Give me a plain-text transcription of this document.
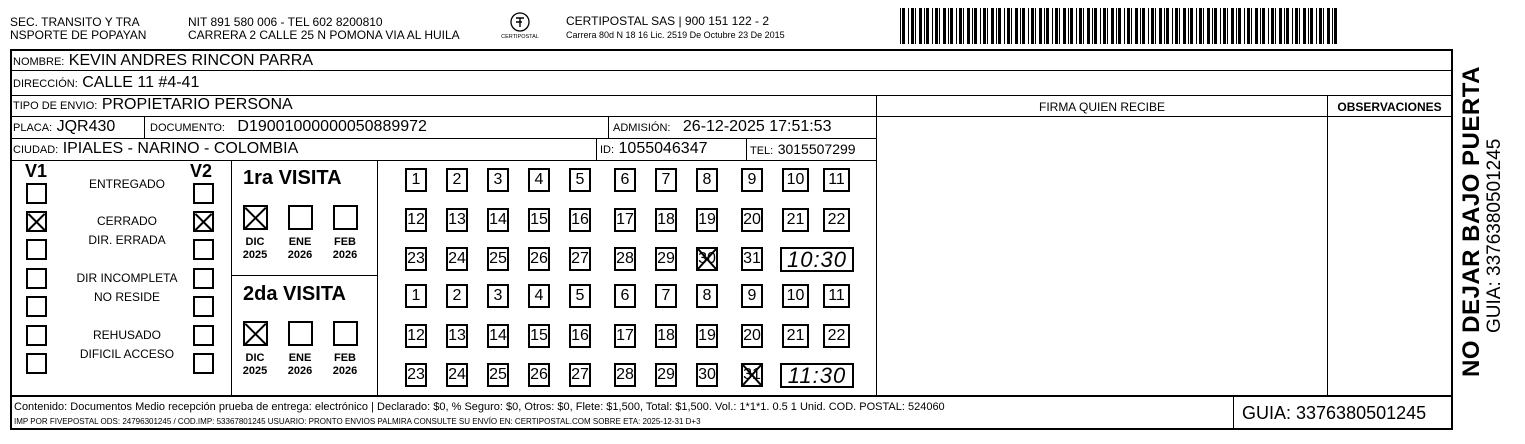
SEC. TRANSITO Y TRA
NSPORTE DE POPAYAN
NIT 891 580 006 - TEL 602 8200810
CARRERA 2 CALLE 25 N POMONA VIA AL HUILA	CERTIPOSTAL
CERTIPOSTAL SAS | 900 151 122 - 2
Carrera 80d N 18 16 Lic. 2519 De Octubre 23 De 2015
NOMBRE: KEVIN ANDRES RINCON PARRA
DIRECCIÓN: CALLE 11 #4-41
TIPO DE ENVIO: PROPIETARIO PERSONA
PLACA: JQR430	DOCUMENTO: D19001000000050889972	ADMISIÓN: 26-12-2025 17:51:53
CIUDAD: IPIALES - NARINO - COLOMBIA	ID: 1055046347	TEL: 3015507299
FIRMA QUIEN RECIBE	OBSERVACIONES
V1	V2
ENTREGADO
CERRADO
DIR. ERRADA
DIR INCOMPLETA
NO RESIDE
REHUSADO
DIFICIL ACCESO
1ra VISITA
DIC
2025
ENE
2026
FEB
2026
1 2 3 4 5 6 7 8 9 10 11
12 13 14 15 16 17 18 19 20 21 22
23 24 25 26 27 28 29 30 31	10:30
2da VISITA
DIC
2025
ENE
2026
FEB
2026
1 2 3 4 5 6 7 8 9 10 11
12 13 14 15 16 17 18 19 20 21 22
23 24 25 26 27 28 29 30 31	11:30	NO DEJAR BAJO PUERTA GUIA: 3376380501245
Contenido: Documentos Medio recepción prueba de entrega: electrónico | Declarado: $0, % Seguro: $0, Otros: $0, Flete: $1,500, Total: $1,500. Vol.: 1*1*1. 0.5 1 Unid. COD. POSTAL: 524060
IMP POR FIVEPOSTAL ODS: 24796301245 / COD.IMP: 53367801245 USUARIO: PRONTO ENVIOS PALMIRA CONSULTE SU ENVÍO EN: CERTIPOSTAL.COM SOBRE ETA: 2025-12-31 D+3	GUIA: 3376380501245
